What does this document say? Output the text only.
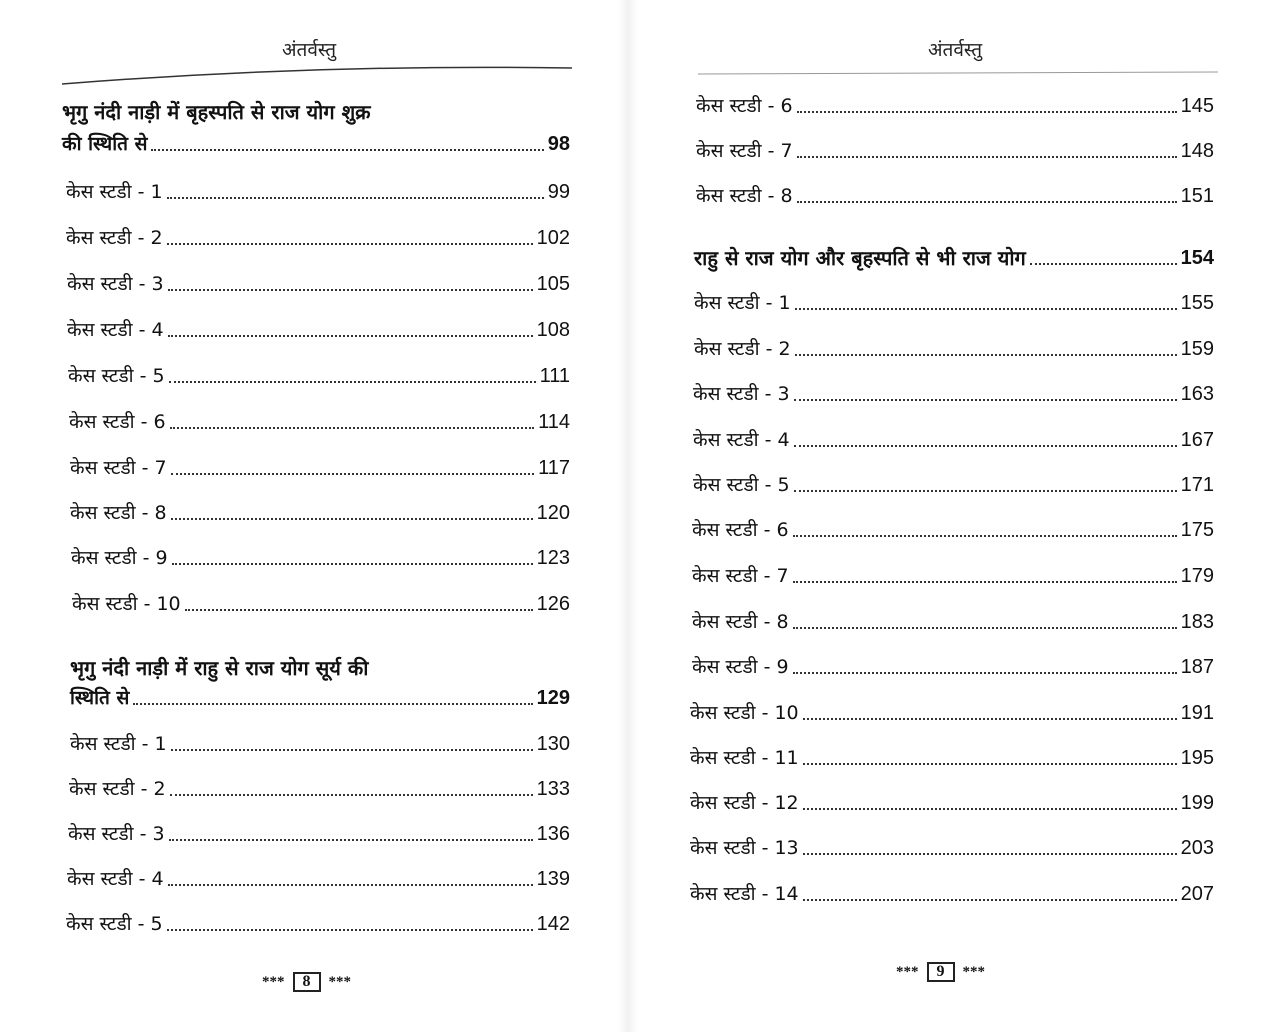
अंतर्वस्तु
भृगु नंदी नाड़ी में बृहस्पति से राज योग शुक्र
की स्थिति से	98
केस स्टडी - 1	99
केस स्टडी - 2	102
केस स्टडी - 3	105
केस स्टडी - 4	108
केस स्टडी - 5	111
केस स्टडी - 6	114
केस स्टडी - 7	117
केस स्टडी - 8	120
केस स्टडी - 9	123
केस स्टडी - 10	126
भृगु नंदी नाड़ी में राहु से राज योग सूर्य की
स्थिति से	129
केस स्टडी - 1	130
केस स्टडी - 2	133
केस स्टडी - 3	136
केस स्टडी - 4	139
केस स्टडी - 5	142
***	8	***
अंतर्वस्तु
केस स्टडी - 6	145
केस स्टडी - 7	148
केस स्टडी - 8	151
राहु से राज योग और बृहस्पति से भी राज योग	154
केस स्टडी - 1	155
केस स्टडी - 2	159
केस स्टडी - 3	163
केस स्टडी - 4	167
केस स्टडी - 5	171
केस स्टडी - 6	175
केस स्टडी - 7	179
केस स्टडी - 8	183
केस स्टडी - 9	187
केस स्टडी - 10	191
केस स्टडी - 11	195
केस स्टडी - 12	199
केस स्टडी - 13	203
केस स्टडी - 14	207
***	9	***
